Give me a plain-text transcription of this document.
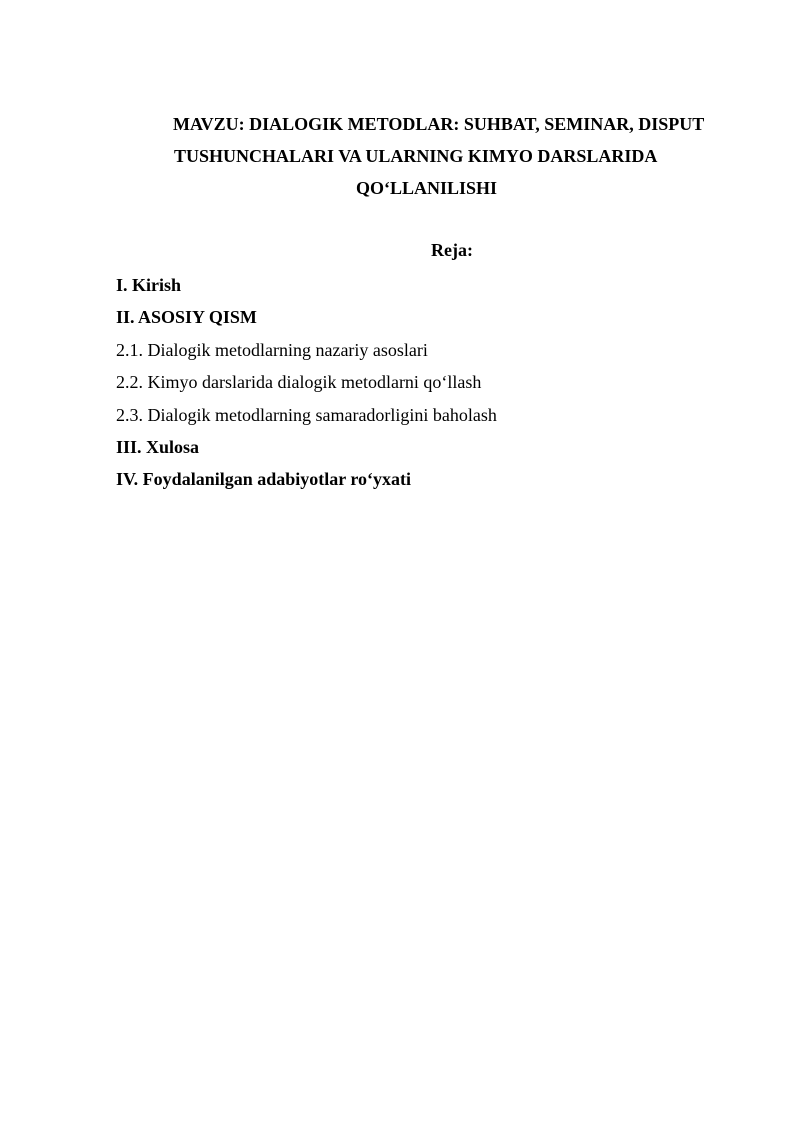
MAVZU: DIALOGIK METODLAR: SUHBAT, SEMINAR, DISPUT
TUSHUNCHALARI VA ULARNING KIMYO DARSLARIDA
QO‘LLANILISHI
Reja:
I. Kirish
II. ASOSIY QISM
2.1. Dialogik metodlarning nazariy asoslari
2.2. Kimyo darslarida dialogik metodlarni qo‘llash
2.3. Dialogik metodlarning samaradorligini baholash
III. Xulosa
IV. Foydalanilgan adabiyotlar ro‘yxati
